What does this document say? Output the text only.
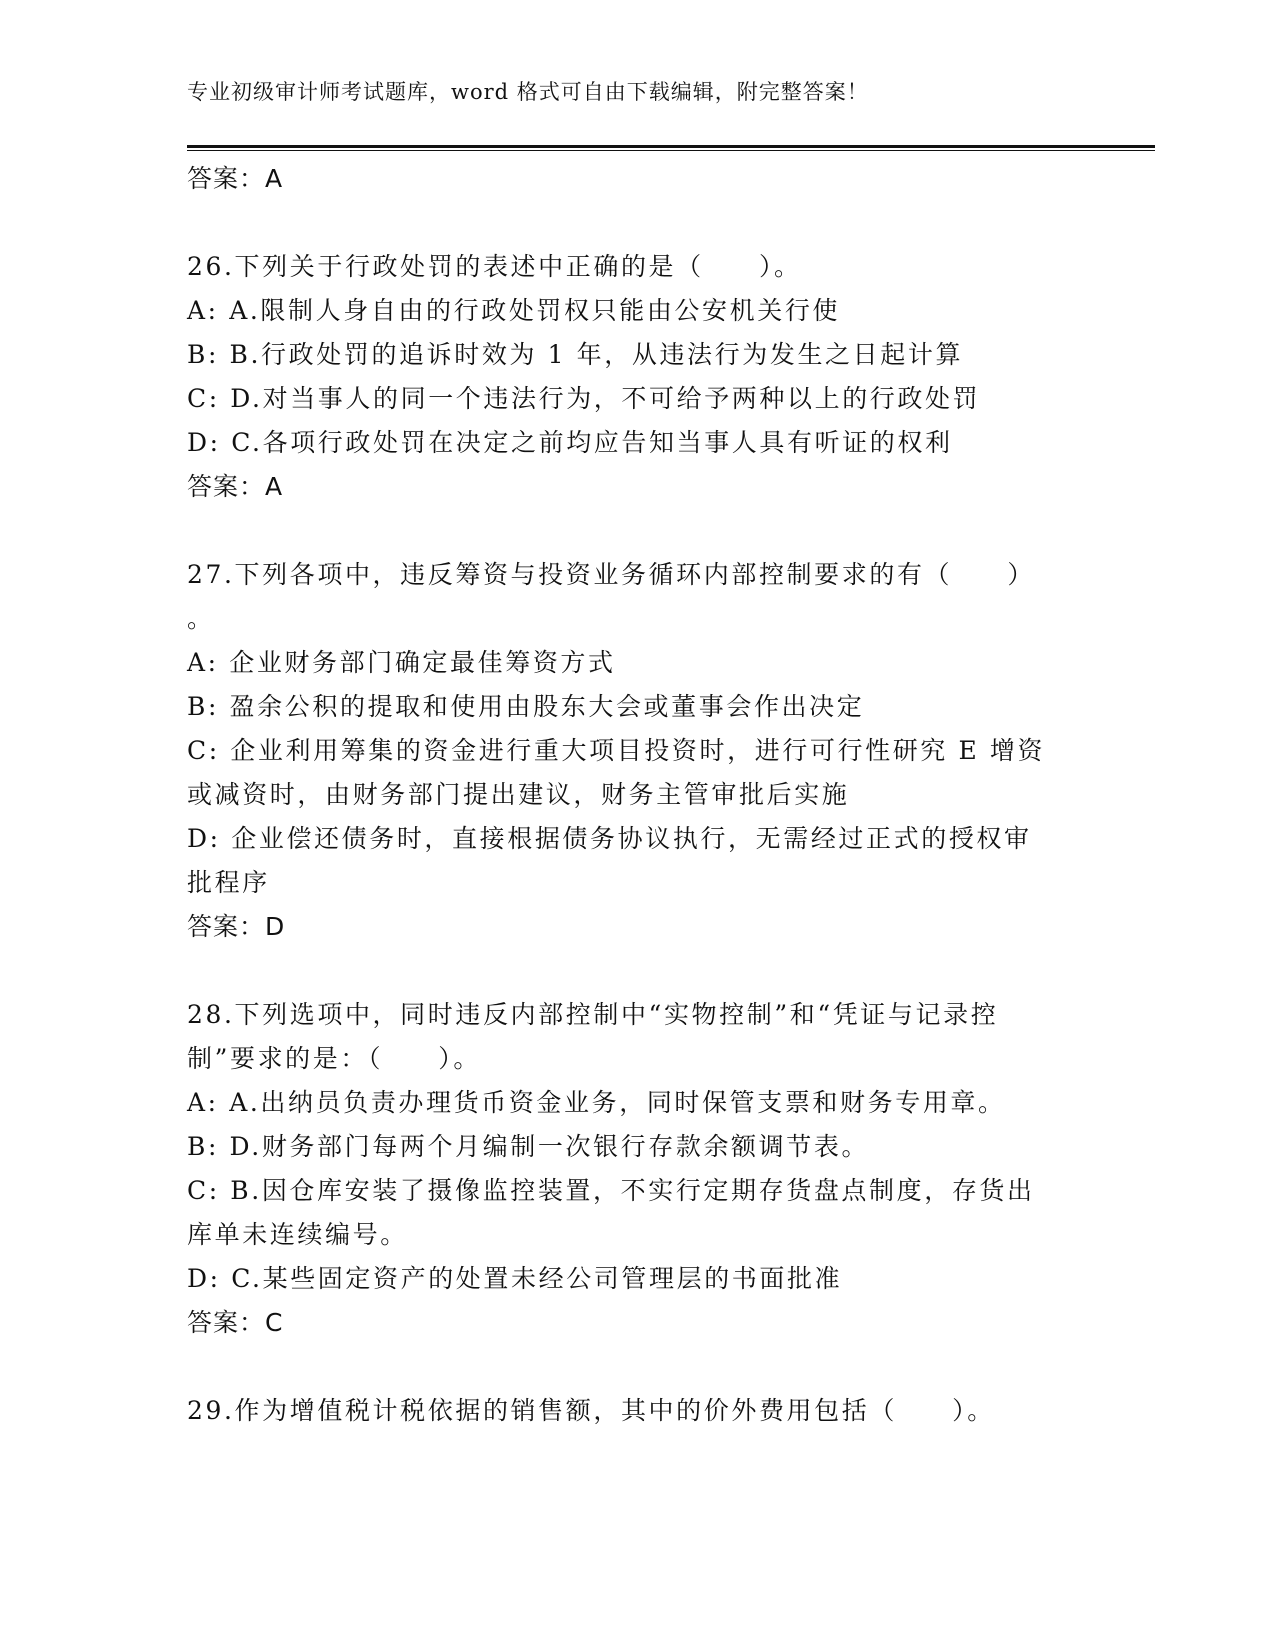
专业初级审计师考试题库，word 格式可自由下载编辑，附完整答案！
答案：A
26.下列关于行政处罚的表述中正确的是（　　）。
A: A.限制人身自由的行政处罚权只能由公安机关行使
B: B.行政处罚的追诉时效为 1 年，从违法行为发生之日起计算
C: D.对当事人的同一个违法行为，不可给予两种以上的行政处罚
D: C.各项行政处罚在决定之前均应告知当事人具有听证的权利
答案：A
27.下列各项中，违反筹资与投资业务循环内部控制要求的有（　　）
。
A: 企业财务部门确定最佳筹资方式
B: 盈余公积的提取和使用由股东大会或董事会作出决定
C: 企业利用筹集的资金进行重大项目投资时，进行可行性研究 E 增资
或减资时，由财务部门提出建议，财务主管审批后实施
D: 企业偿还债务时，直接根据债务协议执行，无需经过正式的授权审
批程序
答案：D
28.下列选项中，同时违反内部控制中“实物控制”和“凭证与记录控
制”要求的是：（　　）。
A: A.出纳员负责办理货币资金业务，同时保管支票和财务专用章。
B: D.财务部门每两个月编制一次银行存款余额调节表。
C: B.因仓库安装了摄像监控装置，不实行定期存货盘点制度，存货出
库单未连续编号。
D: C.某些固定资产的处置未经公司管理层的书面批准
答案：C
29.作为增值税计税依据的销售额，其中的价外费用包括（　　）。
